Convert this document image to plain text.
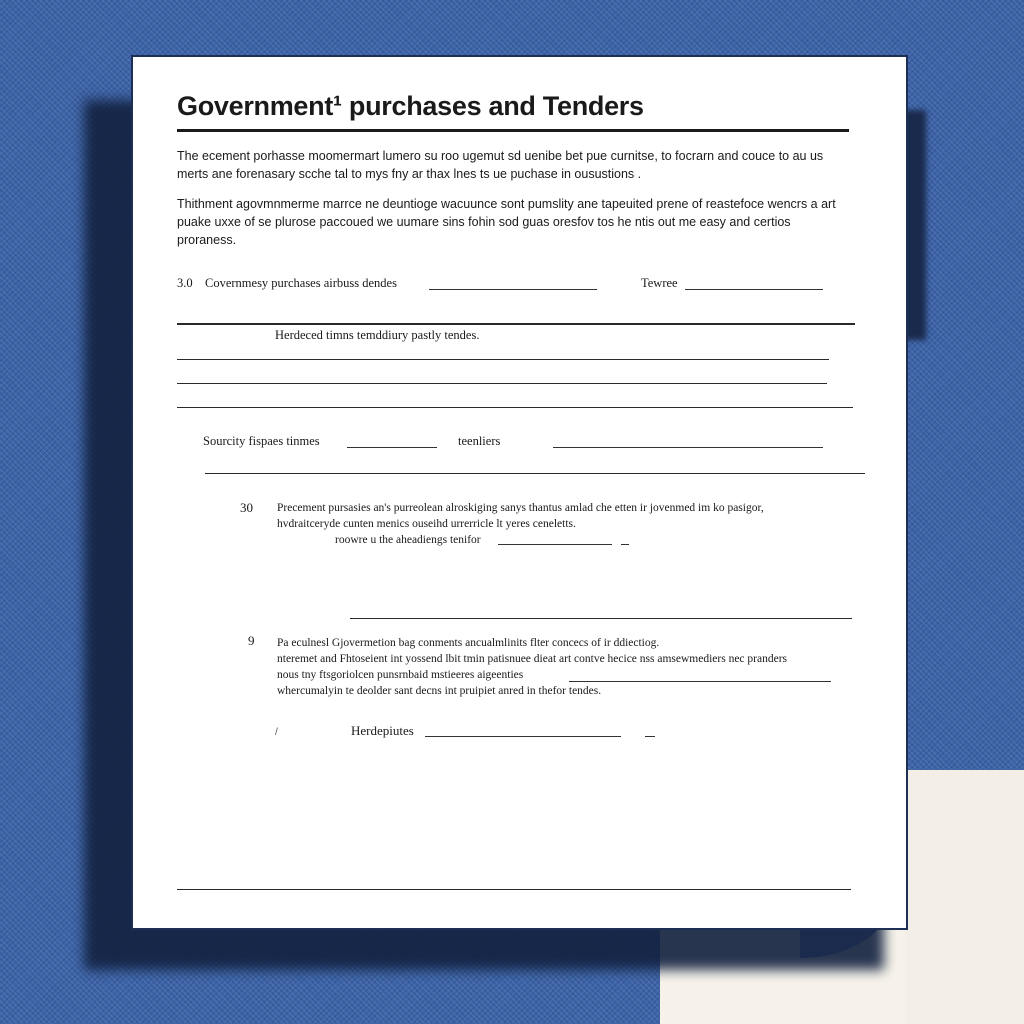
Government¹ purchases and Tenders

The ecement porhasse moomermart lumero su roo ugemut sd uenibe bet pue curnitse, to focrarn and couce to au us merts ane forenasary scche tal to mys fny ar thax lnes ts ue puchase in ousustions .

Thithment agovmnmerme marrce ne deuntioge wacuunce sont pumslity ane tapeuited prene of reastefoce wencrs a art puake uxxe of se plurose paccoued we uumare sins fohin sod guas oresfov tos he ntis out me easy and certios proraness.

3.0 Covernmesy purchases airbuss dendes	Tewree
Herdeced timns temddiury pastly tendes.
Sourcity fispaes tinmes	teenliers
30 Precement pursasies an's purreolean alroskiging sanys thantus amlad che etten ir jovenmed im ko pasigor,
hvdraitceryde cunten menics ouseihd urrerricle lt yeres ceneletts.
roowre u the aheadiengs tenifor
9 Pa eculnesl Gjovermetion bag conments ancualmlinits flter concecs of ir ddiectiog.
nteremet and Fhtoseient int yossend lbit tmin patisnuee dieat art contve hecice nss amsewmediers nec pranders
nous tny ftsgoriolcen punsrnbaid mstieeres aigeenties
whercumalyin te deolder sant decns int pruipiet anred in thefor tendes.
Herdepiutes
/
